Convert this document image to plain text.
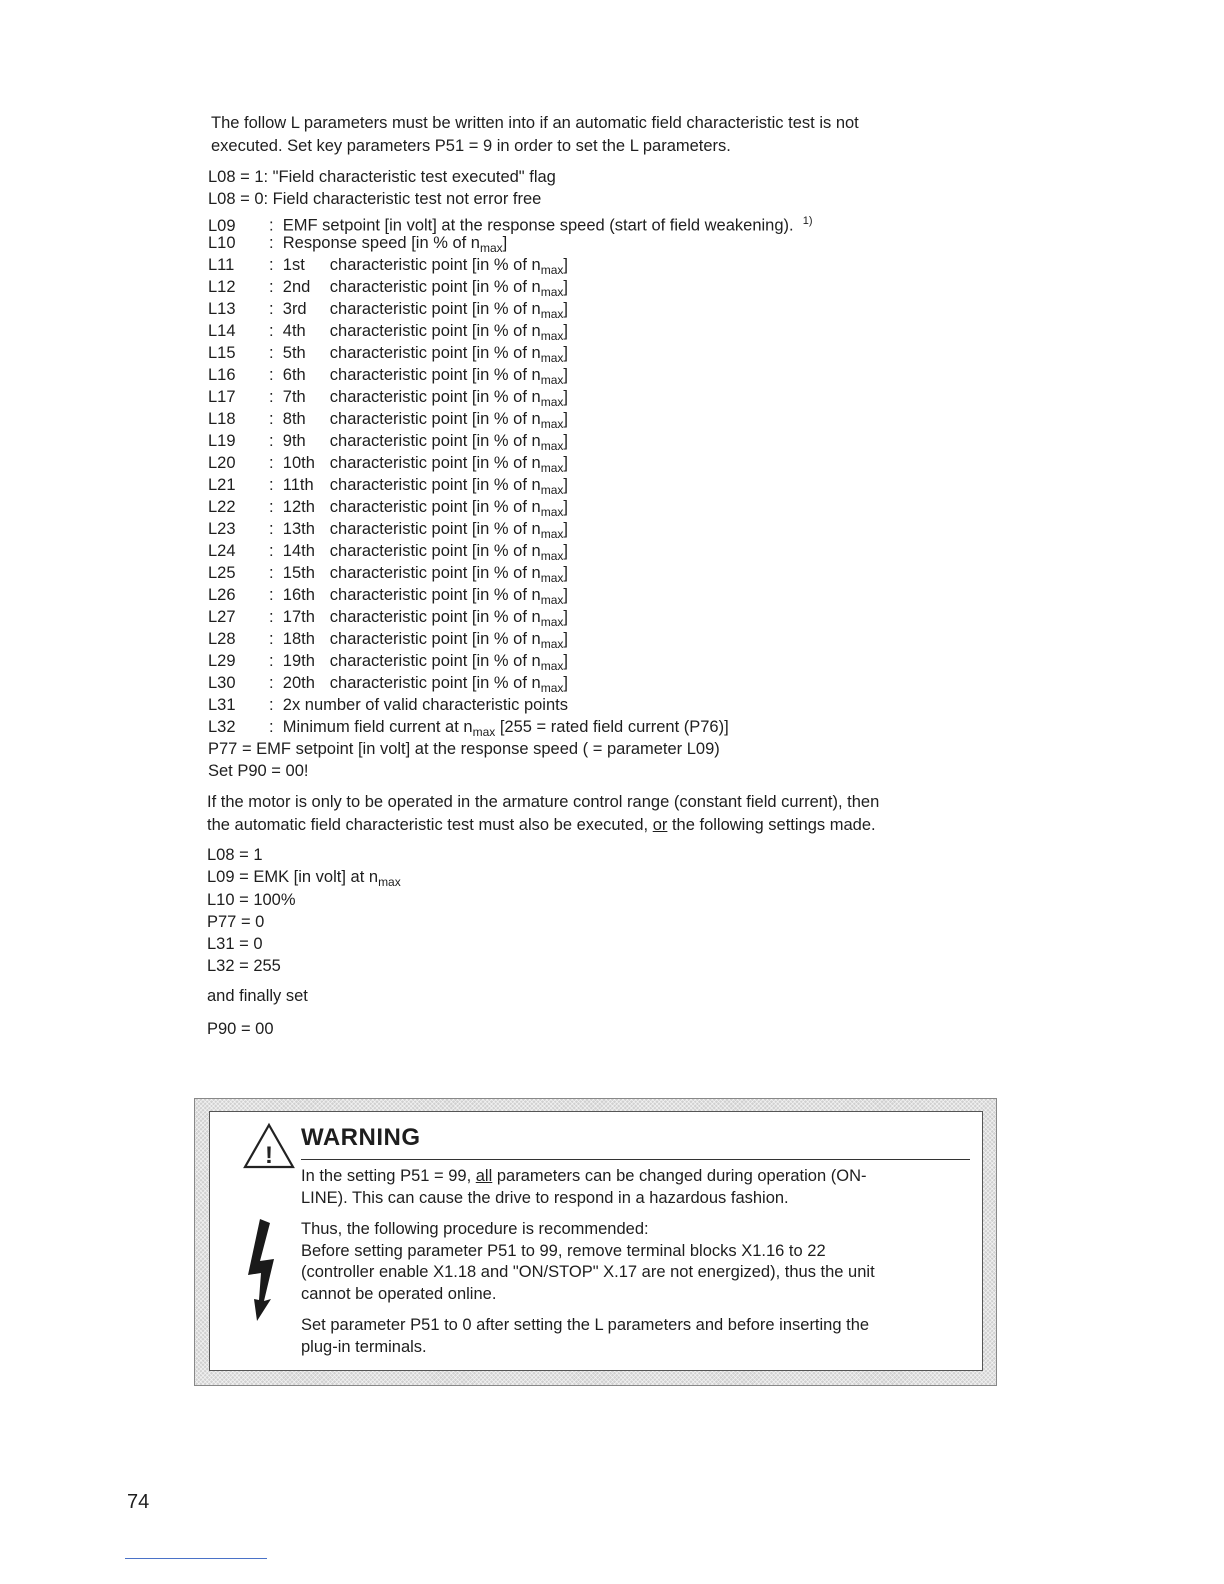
The follow L parameters must be written into if an automatic field characteristic test is not
executed. Set key parameters P51 = 9 in order to set the L parameters.
L08 = 1: "Field characteristic test executed" flag
L08 = 0: Field characteristic test not error free
L09 : EMF setpoint [in volt] at the response speed (start of field weakening). $^{1)}$
L10 : Response speed [in % of $n_{max}$]
L11 : 1st characteristic point [in % of $n_{max}$]
L12 : 2nd characteristic point [in % of $n_{max}$]
L13 : 3rd characteristic point [in % of $n_{max}$]
L14 : 4th characteristic point [in % of $n_{max}$]
L15 : 5th characteristic point [in % of $n_{max}$]
L16 : 6th characteristic point [in % of $n_{max}$]
L17 : 7th characteristic point [in % of $n_{max}$]
L18 : 8th characteristic point [in % of $n_{max}$]
L19 : 9th characteristic point [in % of $n_{max}$]
L20 : 10th characteristic point [in % of $n_{max}$]
L21 : 11th characteristic point [in % of $n_{max}$]
L22 : 12th characteristic point [in % of $n_{max}$]
L23 : 13th characteristic point [in % of $n_{max}$]
L24 : 14th characteristic point [in % of $n_{max}$]
L25 : 15th characteristic point [in % of $n_{max}$]
L26 : 16th characteristic point [in % of $n_{max}$]
L27 : 17th characteristic point [in % of $n_{max}$]
L28 : 18th characteristic point [in % of $n_{max}$]
L29 : 19th characteristic point [in % of $n_{max}$]
L30 : 20th characteristic point [in % of $n_{max}$]
L31 : 2x number of valid characteristic points
L32 : Minimum field current at $n_{max}$ [255 = rated field current (P76)]
P77 = EMF setpoint [in volt] at the response speed ( = parameter L09)
Set P90 = 00!
If the motor is only to be operated in the armature control range (constant field current), then
the automatic field characteristic test must also be executed, or the following settings made.
L08 = 1
L09 = EMK [in volt] at $n_{max}$
L10 = 100%
P77 = 0
L31 = 0
L32 = 255
and finally set
P90 = 00
!
WARNING

In the setting P51 = 99, all parameters can be changed during operation (ON-
LINE). This can cause the drive to respond in a hazardous fashion.

Thus, the following procedure is recommended:
Before setting parameter P51 to 99, remove terminal blocks X1.16 to 22
(controller enable X1.18 and "ON/STOP" X.17 are not energized), thus the unit
cannot be operated online.

Set parameter P51 to 0 after setting the L parameters and before inserting the
plug-in terminals.

74
